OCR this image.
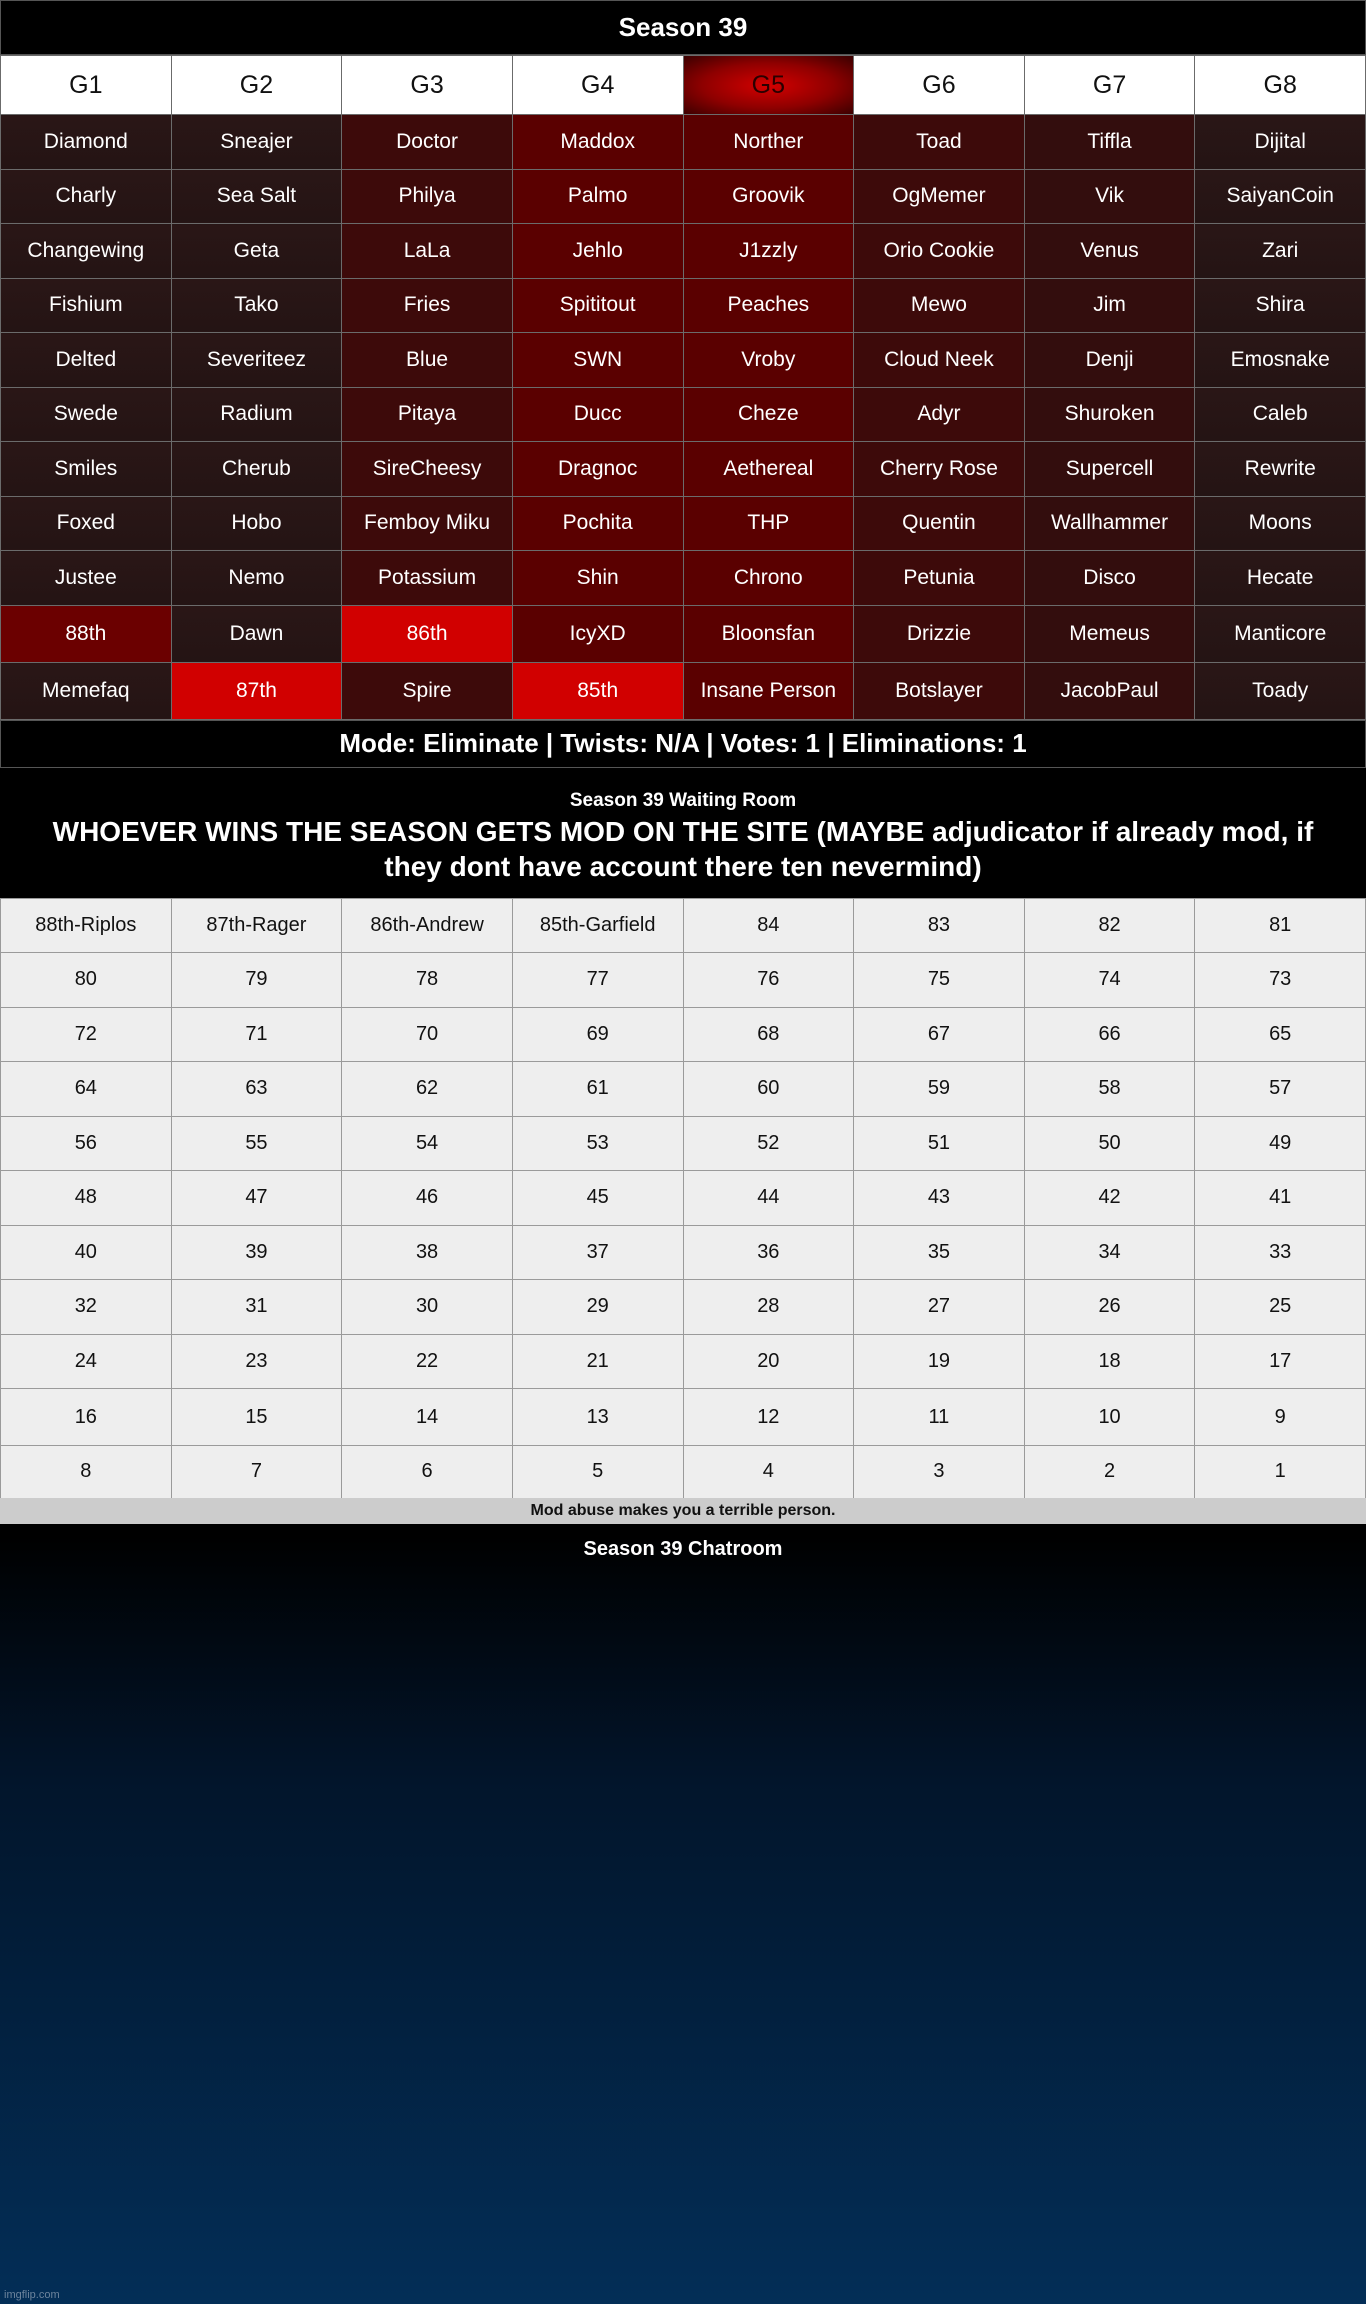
Season 39
G1	G2	G3	G4	G5	G6	G7	G8
Diamond	Sneajer	Doctor	Maddox	Norther	Toad	Tiffla	Dijital
Charly	Sea Salt	Philya	Palmo	Groovik	OgMemer	Vik	SaiyanCoin
Changewing	Geta	LaLa	Jehlo	J1zzly	Orio Cookie	Venus	Zari
Fishium	Tako	Fries	Spititout	Peaches	Mewo	Jim	Shira
Delted	Severiteez	Blue	SWN	Vroby	Cloud Neek	Denji	Emosnake
Swede	Radium	Pitaya	Ducc	Cheze	Adyr	Shuroken	Caleb
Smiles	Cherub	SireCheesy	Dragnoc	Aethereal	Cherry Rose	Supercell	Rewrite
Foxed	Hobo	Femboy Miku	Pochita	THP	Quentin	Wallhammer	Moons
Justee	Nemo	Potassium	Shin	Chrono	Petunia	Disco	Hecate
88th	Dawn	86th	IcyXD	Bloonsfan	Drizzie	Memeus	Manticore
Memefaq	87th	Spire	85th	Insane Person	Botslayer	JacobPaul	Toady
Mode: Eliminate | Twists: N/A | Votes: 1 | Eliminations: 1
Season 39 Waiting Room
WHOEVER WINS THE SEASON GETS MOD ON THE SITE (MAYBE adjudicator if already mod, if they dont have account there ten nevermind)
88th-Riplos	87th-Rager	86th-Andrew	85th-Garfield	84	83	82	81
80	79	78	77	76	75	74	73
72	71	70	69	68	67	66	65
64	63	62	61	60	59	58	57
56	55	54	53	52	51	50	49
48	47	46	45	44	43	42	41
40	39	38	37	36	35	34	33
32	31	30	29	28	27	26	25
24	23	22	21	20	19	18	17
16	15	14	13	12	11	10	9
8	7	6	5	4	3	2	1
Mod abuse makes you a terrible person.
Season 39 Chatroom
imgflip.com
